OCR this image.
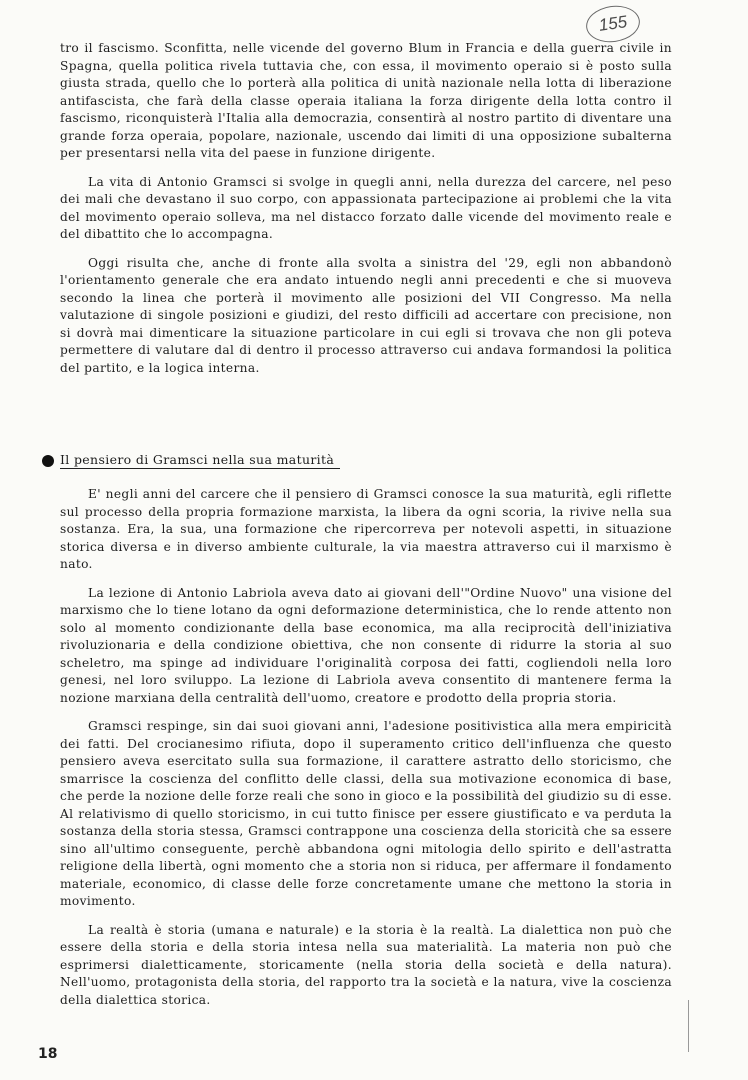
155

tro il fascismo. Sconfitta, nelle vicende del governo Blum in Francia e della guerra civile in Spagna, quella politica rivela tuttavia che, con essa, il movimento operaio si è posto sulla giusta strada, quello che lo porterà alla politica di unità nazionale nella lotta di liberazione antifascista, che farà della classe operaia italiana la forza dirigente della lotta contro il fascismo, riconquisterà l'Italia alla democrazia, consentirà al nostro partito di diventare una grande forza operaia, popolare, nazionale, uscendo dai limiti di una opposizione subalterna per presentarsi nella vita del paese in funzione dirigente.

La vita di Antonio Gramsci si svolge in quegli anni, nella durezza del carcere, nel peso dei mali che devastano il suo corpo, con appassionata partecipazione ai problemi che la vita del movimento operaio solleva, ma nel distacco forzato dalle vicende del movimento reale e del dibattito che lo accompagna.

Oggi risulta che, anche di fronte alla svolta a sinistra del '29, egli non abbandonò l'orientamento generale che era andato intuendo negli anni precedenti e che si muoveva secondo la linea che porterà il movimento alle posizioni del VII Congresso. Ma nella valutazione di singole posizioni e giudizi, del resto difficili ad accertare con precisione, non si dovrà mai dimenticare la situazione particolare in cui egli si trovava che non gli poteva permettere di valutare dal di dentro il processo attraverso cui andava formandosi la politica del partito, e la logica interna.

Il pensiero di Gramsci nella sua maturità

E' negli anni del carcere che il pensiero di Gramsci conosce la sua maturità, egli riflette sul processo della propria formazione marxista, la libera da ogni scoria, la rivive nella sua sostanza. Era, la sua, una formazione che ripercorreva per notevoli aspetti, in situazione storica diversa e in diverso ambiente culturale, la via maestra attraverso cui il marxismo è nato.

La lezione di Antonio Labriola aveva dato ai giovani dell'"Ordine Nuovo" una visione del marxismo che lo tiene lotano da ogni deformazione deterministica, che lo rende attento non solo al momento condizionante della base economica, ma alla reciprocità dell'iniziativa rivoluzionaria e della condizione obiettiva, che non consente di ridurre la storia al suo scheletro, ma spinge ad individuare l'originalità corposa dei fatti, cogliendoli nella loro genesi, nel loro sviluppo. La lezione di Labriola aveva consentito di mantenere ferma la nozione marxiana della centralità dell'uomo, creatore e prodotto della propria storia.

Gramsci respinge, sin dai suoi giovani anni, l'adesione positivistica alla mera empiricità dei fatti. Del crocianesimo rifiuta, dopo il superamento critico dell'influenza che questo pensiero aveva esercitato sulla sua formazione, il carattere astratto dello storicismo, che smarrisce la coscienza del conflitto delle classi, della sua motivazione economica di base, che perde la nozione delle forze reali che sono in gioco e la possibilità del giudizio su di esse. Al relativismo di quello storicismo, in cui tutto finisce per essere giustificato e va perduta la sostanza della storia stessa, Gramsci contrappone una coscienza della storicità che sa essere sino all'ultimo conseguente, perchè abbandona ogni mitologia dello spirito e dell'astratta religione della libertà, ogni momento che a storia non si riduca, per affermare il fondamento materiale, economico, di classe delle forze concretamente umane che mettono la storia in movimento.

La realtà è storia (umana e naturale) e la storia è la realtà. La dialettica non può che essere della storia e della storia intesa nella sua materialità. La materia non può che esprimersi dialetticamente, storicamente (nella storia della società e della natura). Nell'uomo, protagonista della storia, del rapporto tra la società e la natura, vive la coscienza della dialettica storica.

18
